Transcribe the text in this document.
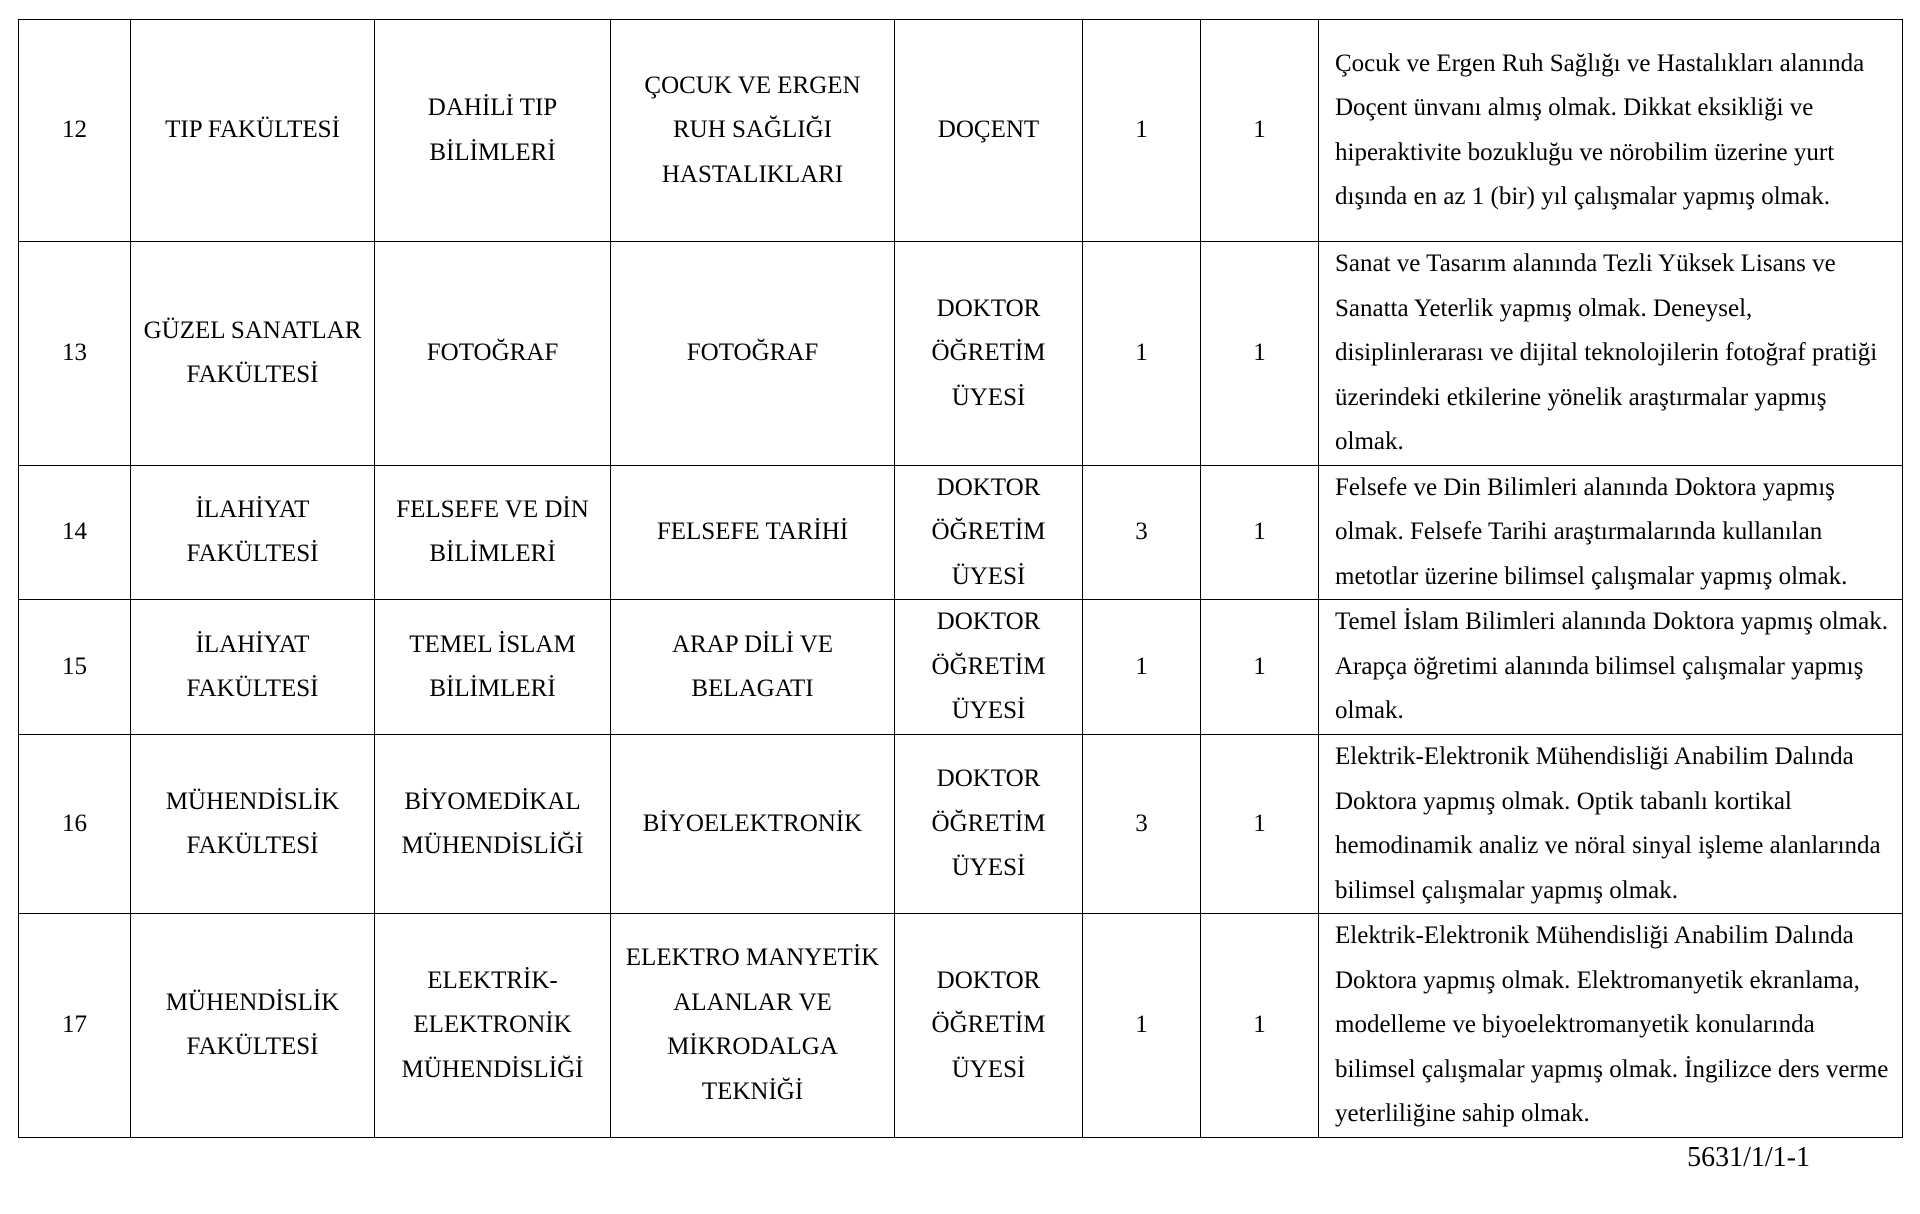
12	TIP FAKÜLTESİ	DAHİLİ TIP BİLİMLERİ	ÇOCUK VE ERGEN RUH SAĞLIĞI HASTALIKLARI	DOÇENT	1	1	Çocuk ve Ergen Ruh Sağlığı ve Hastalıkları alanında Doçent ünvanı almış olmak. Dikkat eksikliği ve hiperaktivite bozukluğu ve nörobilim üzerine yurt dışında en az 1 (bir) yıl çalışmalar yapmış olmak.
13	GÜZEL SANATLAR FAKÜLTESİ	FOTOĞRAF	FOTOĞRAF	DOKTOR ÖĞRETİM ÜYESİ	1	1	Sanat ve Tasarım alanında Tezli Yüksek Lisans ve Sanatta Yeterlik yapmış olmak. Deneysel, disiplinlerarası ve dijital teknolojilerin fotoğraf pratiği üzerindeki etkilerine yönelik araştırmalar yapmış olmak.
14	İLAHİYAT FAKÜLTESİ	FELSEFE VE DİN BİLİMLERİ	FELSEFE TARİHİ	DOKTOR ÖĞRETİM ÜYESİ	3	1	Felsefe ve Din Bilimleri alanında Doktora yapmış olmak. Felsefe Tarihi araştırmalarında kullanılan metotlar üzerine bilimsel çalışmalar yapmış olmak.
15	İLAHİYAT FAKÜLTESİ	TEMEL İSLAM BİLİMLERİ	ARAP DİLİ VE BELAGATI	DOKTOR ÖĞRETİM ÜYESİ	1	1	Temel İslam Bilimleri alanında Doktora yapmış olmak. Arapça öğretimi alanında bilimsel çalışmalar yapmış olmak.
16	MÜHENDİSLİK FAKÜLTESİ	BİYOMEDİKAL MÜHENDİSLİĞİ	BİYOELEKTRONİK	DOKTOR ÖĞRETİM ÜYESİ	3	1	Elektrik-Elektronik Mühendisliği Anabilim Dalında Doktora yapmış olmak. Optik tabanlı kortikal hemodinamik analiz ve nöral sinyal işleme alanlarında bilimsel çalışmalar yapmış olmak.
17	MÜHENDİSLİK FAKÜLTESİ	ELEKTRİK-ELEKTRONİK MÜHENDİSLİĞİ	ELEKTRO MANYETİK ALANLAR VE MİKRODALGA TEKNİĞİ	DOKTOR ÖĞRETİM ÜYESİ	1	1	Elektrik-Elektronik Mühendisliği Anabilim Dalında Doktora yapmış olmak. Elektromanyetik ekranlama, modelleme ve biyoelektromanyetik konularında bilimsel çalışmalar yapmış olmak. İngilizce ders verme yeterliliğine sahip olmak.
5631/1/1-1
